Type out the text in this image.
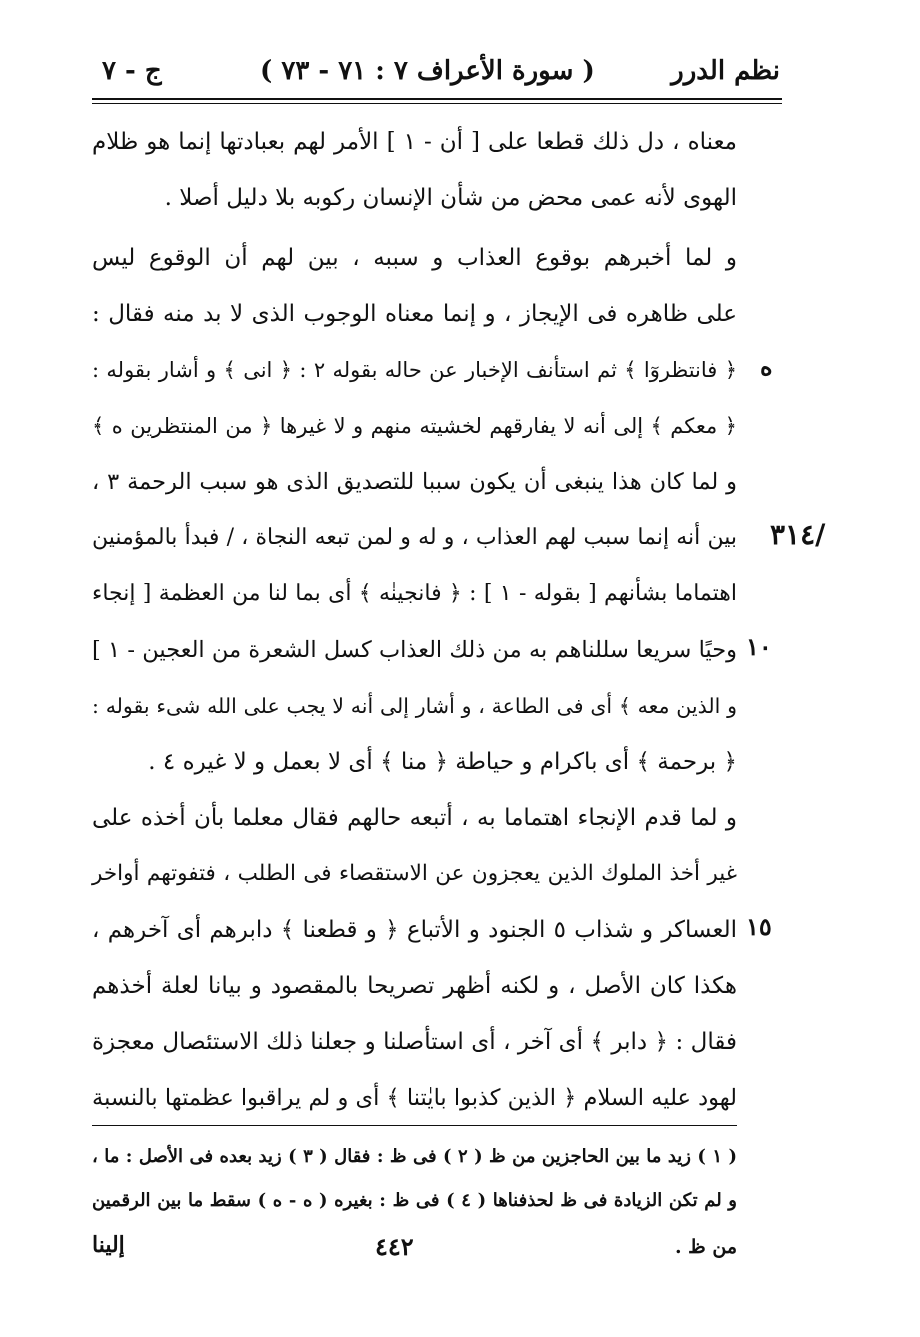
نظم الدرر
( سورة الأعراف ٧ : ٧١ - ٧٣ )
ج - ٧
معناه ، دل ذلك قطعا على [ أن - ١ ] الأمر لهم بعبادتها إنما هو ظلام
الهوى لأنه عمى محض من شأن الإنسان ركوبه بلا دليل أصلا .
و لما أخبرهم بوقوع العذاب و سببه ، بين لهم أن الوقوع ليس
على ظاهره فى الإيجاز ، و إنما معناه الوجوب الذى لا بد منه فقال :
﴿ فانتظروٓا ﴾ ثم استأنف الإخبار عن حاله بقوله ٢ : ﴿ انى ﴾ و أشار بقوله :
﴿ معكم ﴾ إلى أنه لا يفارقهم لخشيته منهم و لا غيرها ﴿ من المنتظرين ه ﴾
و لما كان هذا ينبغى أن يكون سببا للتصديق الذى هو سبب الرحمة ٣ ،
بين أنه إنما سبب لهم العذاب ، و له و لمن تبعه النجاة ، / فبدأ بالمؤمنين
اهتماما بشأنهم [ بقوله - ١ ] : ﴿ فانجينٰه ﴾ أى بما لنا من العظمة [ إنجاء
وحيًا سريعا سللناهم به من ذلك العذاب كسل الشعرة من العجين - ١ ]
و الذين معه ﴾ أى فى الطاعة ، و أشار إلى أنه لا يجب على الله شىء بقوله :
﴿ برحمة ﴾ أى باكرام و حياطة ﴿ منا ﴾ أى لا بعمل و لا غيره ٤ .
و لما قدم الإنجاء اهتماما به ، أتبعه حالهم فقال معلما بأن أخذه على
غير أخذ الملوك الذين يعجزون عن الاستقصاء فى الطلب ، فتفوتهم أواخر
العساكر و شذاب ٥ الجنود و الأتباع ﴿ و قطعنا ﴾ دابرهم أى آخرهم ،
هكذا كان الأصل ، و لكنه أظهر تصريحا بالمقصود و بيانا لعلة أخذهم
فقال : ﴿ دابر ﴾ أى آخر ، أى استأصلنا و جعلنا ذلك الاستئصال معجزة
لهود عليه السلام ﴿ الذين كذبوا بايٰتنا ﴾ أى و لم يراقبوا عظمتها بالنسبة
ه
١٠
١٥
/٣١٤
( ١ ) زيد ما بين الحاجزين من ظ ( ٢ ) فى ظ : فقال ( ٣ ) زيد بعده فى الأصل : ما ،
و لم تكن الزيادة فى ظ لحذفناها ( ٤ ) فى ظ : بغيره ( ه - ه ) سقط ما بين الرقمين
من ظ .
٤٤٢
إلينا
